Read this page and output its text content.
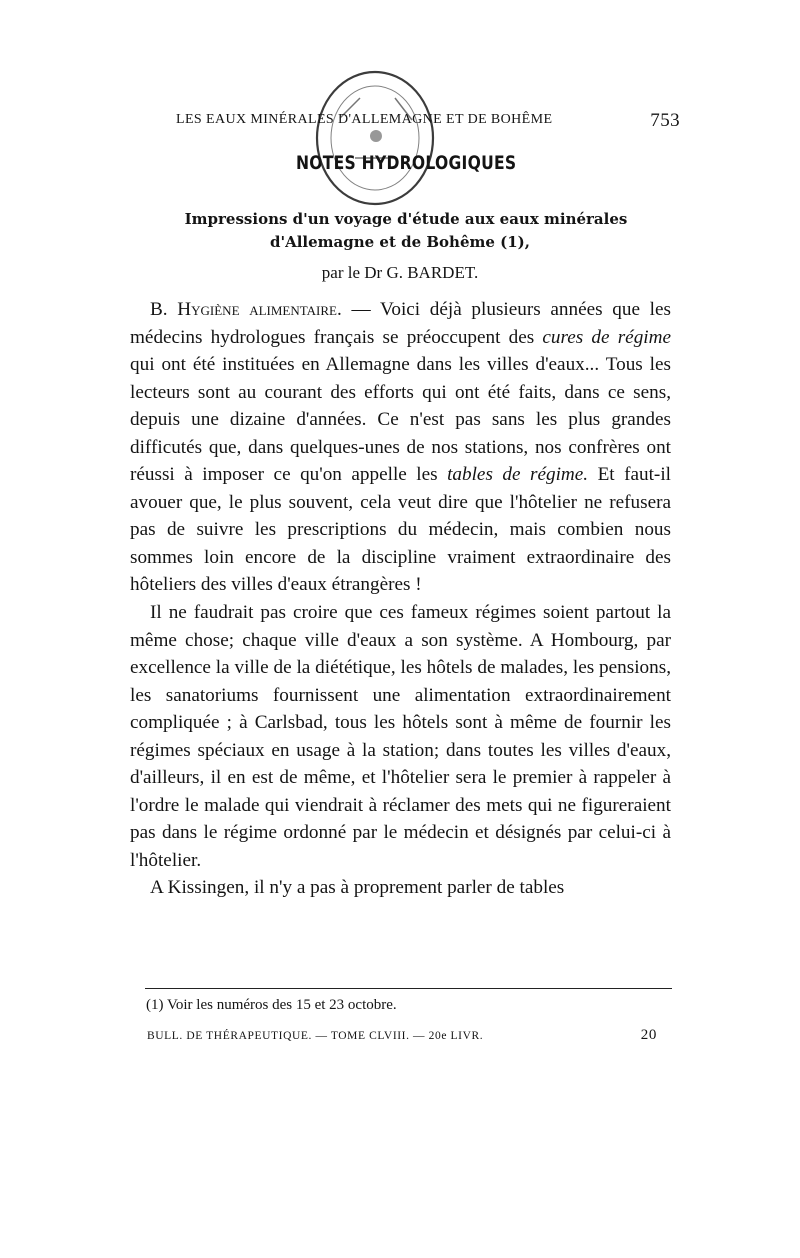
LES EAUX MINÉRALES D'ALLEMAGNE ET DE BOHÊME	753
NOTES HYDROLOGIQUES
Impressions d'un voyage d'étude aux eaux minérales
d'Allemagne et de Bohême (1),
par le Dr G. BARDET.

B. Hygiène alimentaire. — Voici déjà plusieurs années que les médecins hydrologues français se préoccupent des cures de régime qui ont été instituées en Allemagne dans les villes d'eaux... Tous les lecteurs sont au courant des efforts qui ont été faits, dans ce sens, depuis une dizaine d'années. Ce n'est pas sans les plus grandes difficutés que, dans quelques-unes de nos stations, nos confrères ont réussi à imposer ce qu'on appelle les tables de régime. Et faut-il avouer que, le plus souvent, cela veut dire que l'hôtelier ne refusera pas de suivre les prescriptions du médecin, mais combien nous sommes loin encore de la discipline vraiment extraordinaire des hôteliers des villes d'eaux étrangères !

Il ne faudrait pas croire que ces fameux régimes soient partout la même chose; chaque ville d'eaux a son système. A Hombourg, par excellence la ville de la diététique, les hôtels de malades, les pensions, les sanatoriums fournissent une alimentation extraordinairement compliquée ; à Carlsbad, tous les hôtels sont à même de fournir les régimes spéciaux en usage à la station; dans toutes les villes d'eaux, d'ailleurs, il en est de même, et l'hôtelier sera le premier à rappeler à l'ordre le malade qui viendrait à réclamer des mets qui ne figureraient pas dans le régime ordonné par le médecin et désignés par celui-ci à l'hôtelier.

A Kissingen, il n'y a pas à proprement parler de tables

(1) Voir les numéros des 15 et 23 octobre.
BULL. DE THÉRAPEUTIQUE. — TOME CLVIII. — 20e LIVR.	20
